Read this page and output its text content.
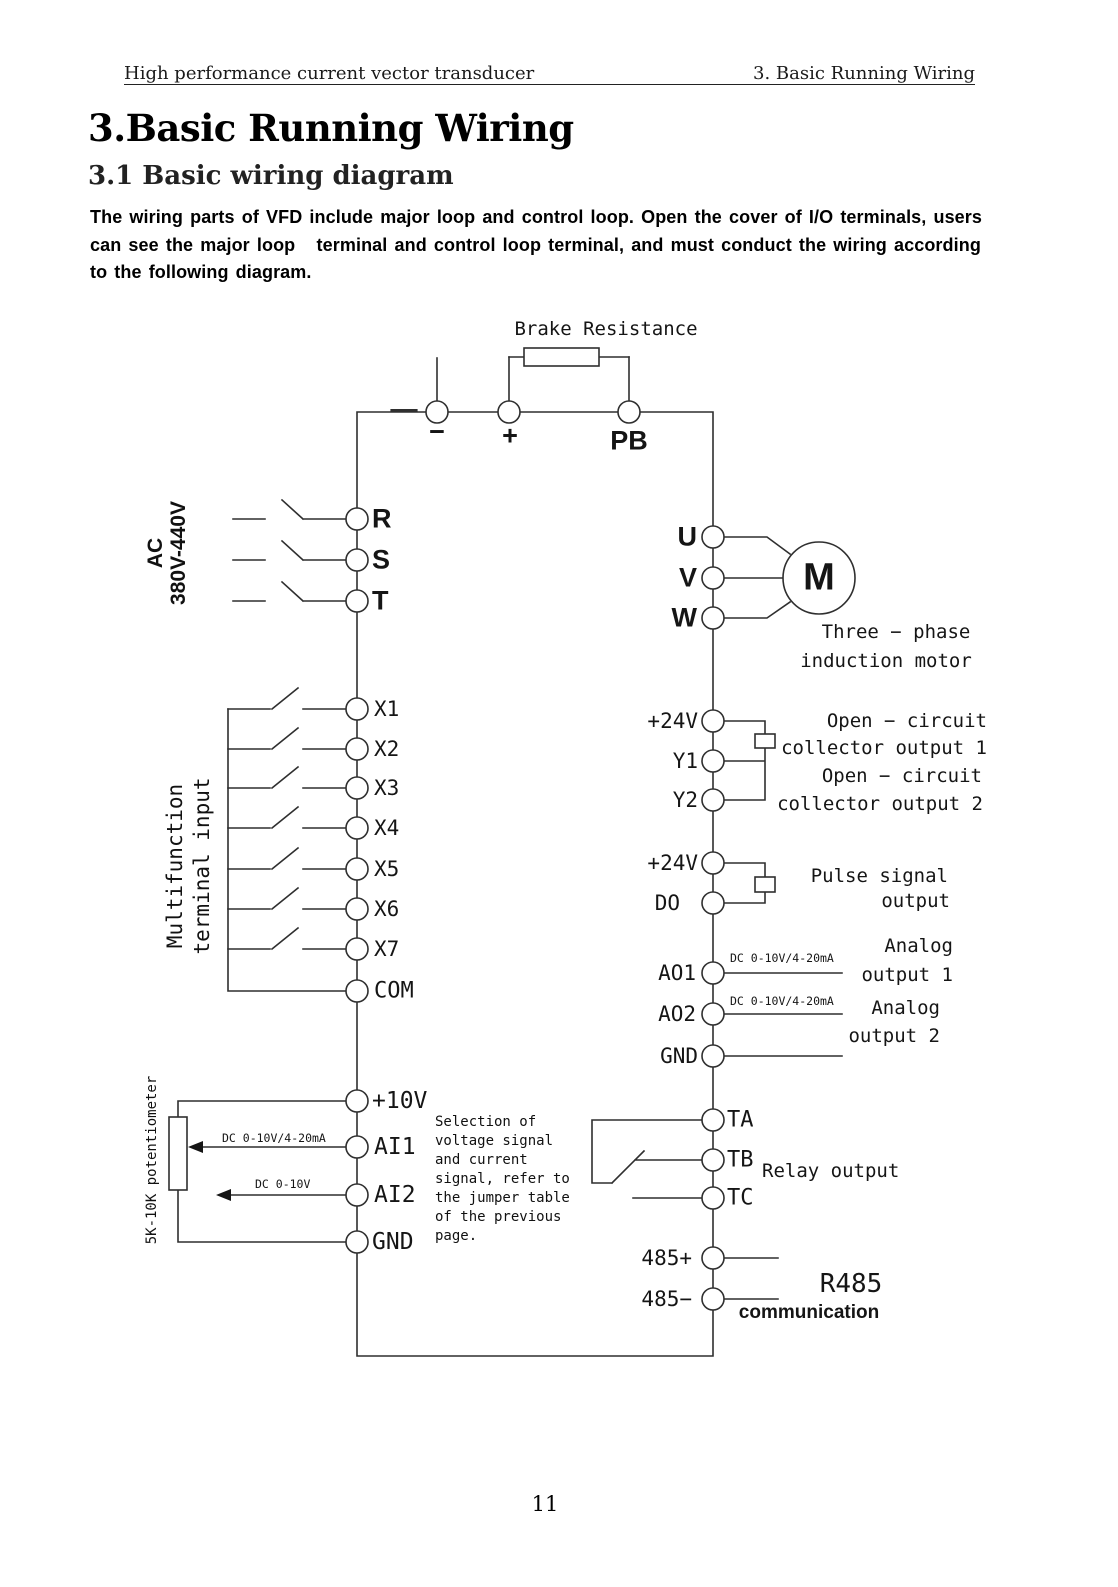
High performance current vector transducer	3. Basic Running Wiring
3.Basic Running Wiring
3.1 Basic wiring diagram
The wiring parts of VFD include major loop and control loop. Open the cover of I/O terminals, users
can see the major loop   terminal and control loop terminal, and must conduct the wiring according
to the following diagram.
Brake Resistance
− +	PB
AC 380V-440V	R
S
T
Multifunction terminal input
X1
X2
X3
X4
X5
X6
X7
COM
+10V
AI1
AI2
GND
DC 0-10V/4-20mA
DC 0-10V
5K-10K potentiometer	Selection of
voltage signal
and current
signal, refer to
the jumper table
of the previous
page.
U
V
W
M
Three − phase
induction motor
+24V
Y1
Y2
Open − circuit
collector output 1
Open − circuit
collector output 2
+24V
DO
Pulse signal
output
AO1
AO2
GND
DC 0-10V/4-20mA
DC 0-10V/4-20mA
Analog
output 1
Analog
output 2
TA
TB
TC
Relay output
485+
485−	R485
communication
11
